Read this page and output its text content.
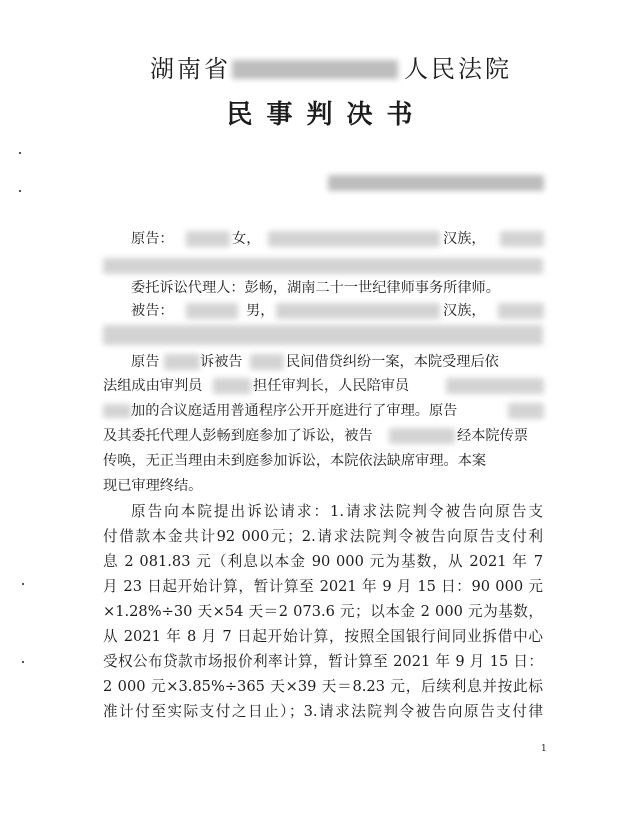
湖南省	人民法院
民事判决书
原告：	女，	汉族，
委托诉讼代理人：彭畅，湖南二十一世纪律师事务所律师。
被告：	男，	汉族，
原告	诉被告	民间借贷纠纷一案，本院受理后依
法组成由审判员	担任审判长，人民陪审员
加的合议庭适用普通程序公开开庭进行了审理。原告
及其委托代理人彭畅到庭参加了诉讼，被告	经本院传票
传唤，无正当理由未到庭参加诉讼，本院依法缺席审理。本案
现已审理终结。
原告向本院提出诉讼请求：1.请求法院判令被告向原告支
付借款本金共计92 000元；2.请求法院判令被告向原告支付利
息 2 081.83 元（利息以本金 90 000 元为基数，从 2021 年 7
月 23 日起开始计算，暂计算至 2021 年 9 月 15 日：90 000 元
×1.28%÷30 天×54 天＝2 073.6 元；以本金 2 000 元为基数，
从 2021 年 8 月 7 日起开始计算，按照全国银行间同业拆借中心
受权公布贷款市场报价利率计算，暂计算至 2021 年 9 月 15 日：
2 000 元×3.85%÷365 天×39 天＝8.23 元，后续利息并按此标
准计付至实际支付之日止）；3.请求法院判令被告向原告支付律
1
